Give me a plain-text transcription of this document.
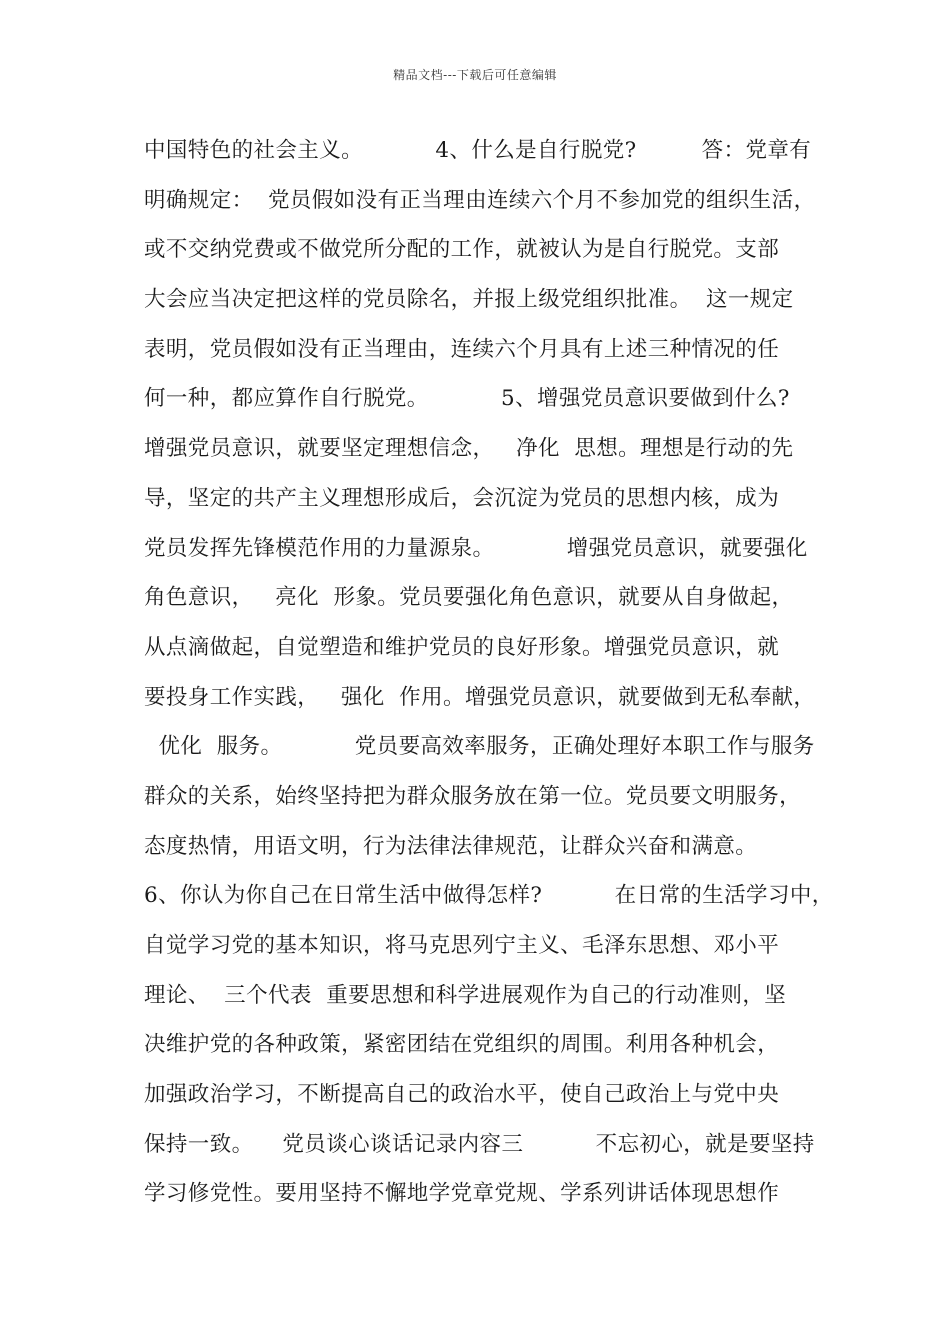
精品文档---下载后可任意编辑
中国特色的社会主义。          4、什么是自行脱党?         答：党章有
明确规定：  党员假如没有正当理由连续六个月不参加党的组织生活，
或不交纳党费或不做党所分配的工作，就被认为是自行脱党。支部
大会应当决定把这样的党员除名，并报上级党组织批准。  这一规定
表明，党员假如没有正当理由，连续六个月具有上述三种情况的任
何一种，都应算作自行脱党。          5、增强党员意识要做到什么?
增强党员意识，就要坚定理想信念，   净化  思想。理想是行动的先
导，坚定的共产主义理想形成后，会沉淀为党员的思想内核，成为
党员发挥先锋模范作用的力量源泉。          增强党员意识，就要强化
角色意识，   亮化  形象。党员要强化角色意识，就要从自身做起，
从点滴做起，自觉塑造和维护党员的良好形象。增强党员意识，就
要投身工作实践，   强化  作用。增强党员意识，就要做到无私奉献，
优化  服务。          党员要高效率服务，正确处理好本职工作与服务
群众的关系，始终坚持把为群众服务放在第一位。党员要文明服务，
态度热情，用语文明，行为法律法律规范，让群众兴奋和满意。
6、你认为你自己在日常生活中做得怎样?          在日常的生活学习中，
自觉学习党的基本知识，将马克思列宁主义、毛泽东思想、邓小平
理论、  三个代表  重要思想和科学进展观作为自己的行动准则，坚
决维护党的各种政策，紧密团结在党组织的周围。利用各种机会，
加强政治学习，不断提高自己的政治水平，使自己政治上与党中央
保持一致。    党员谈心谈话记录内容三          不忘初心，就是要坚持
学习修党性。要用坚持不懈地学党章党规、学系列讲话体现思想作
